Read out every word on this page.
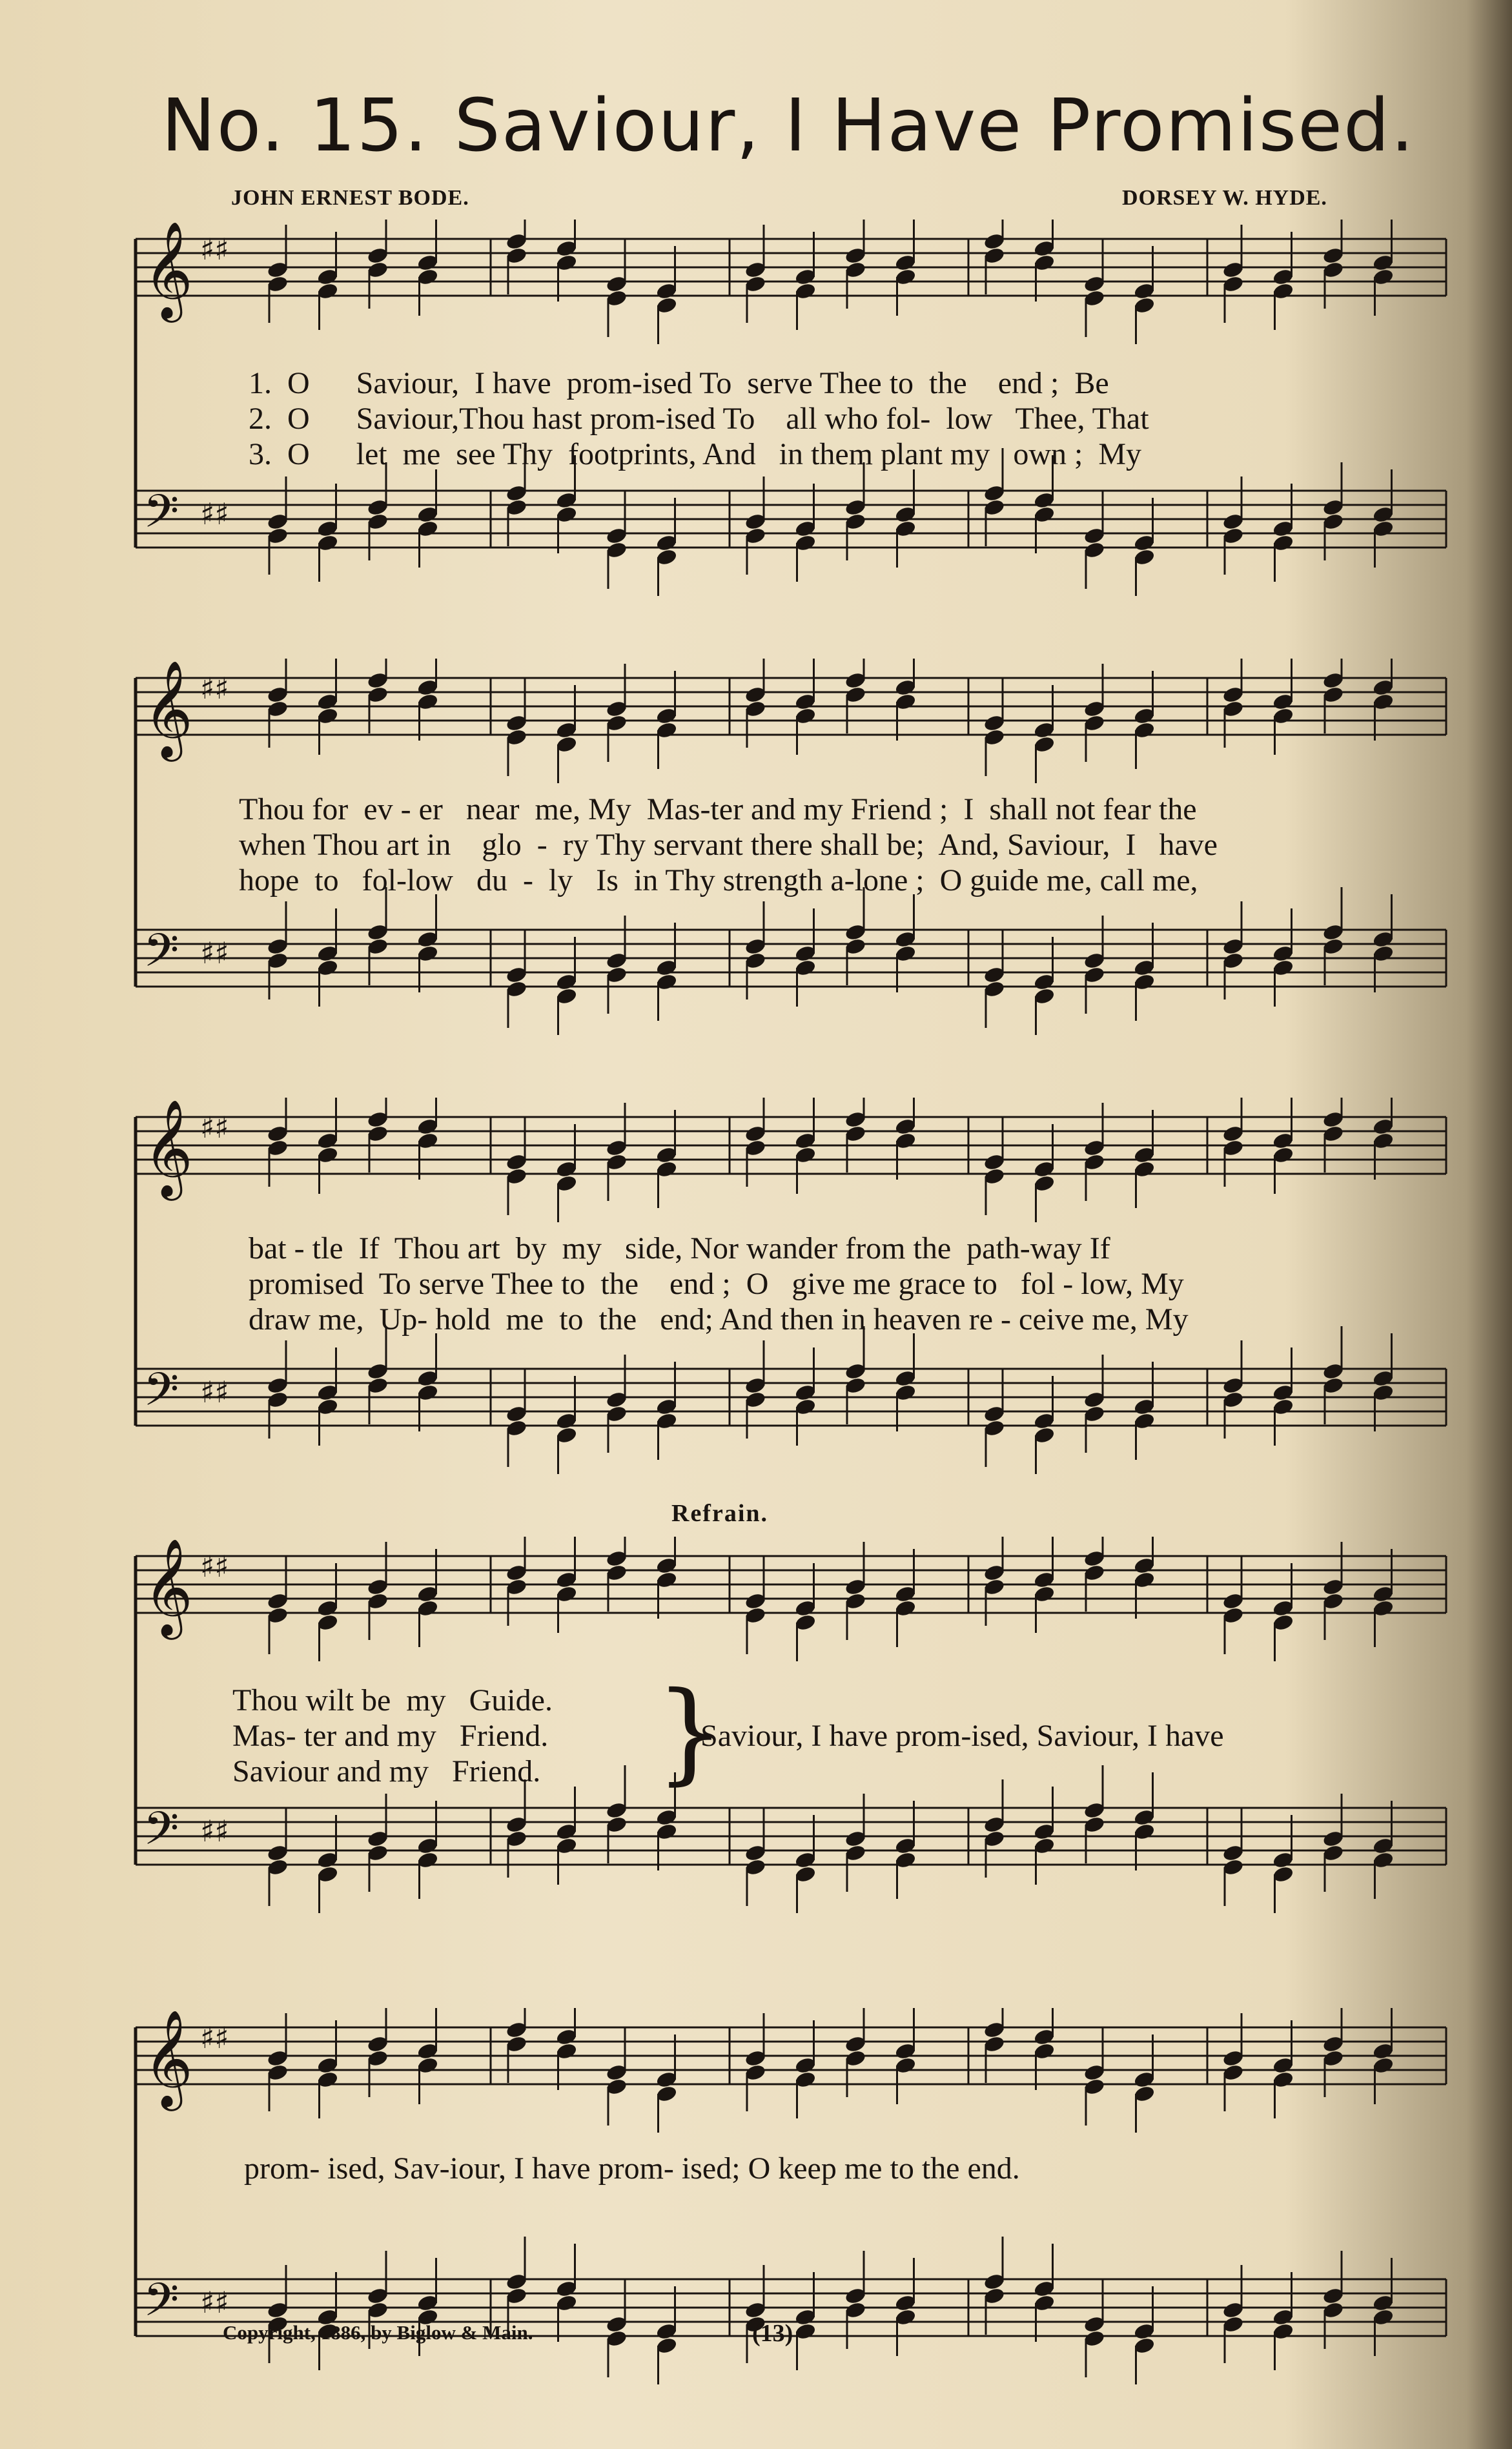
No. 15. Saviour, I Have Promised.
JOHN ERNEST BODE.	DORSEY W. HYDE.
𝄞 ♯♯
𝄢 ♯♯
𝄞 ♯♯
𝄢 ♯♯
𝄞 ♯♯
𝄢 ♯♯
𝄞 ♯♯
𝄢 ♯♯
𝄞 ♯♯
𝄢 ♯♯
1. O      Saviour,  I have  prom-ised To  serve Thee to  the    end ;  Be
2. O      Saviour,Thou hast prom-ised To    all who fol-  low   Thee, That
3. O      let  me  see Thy  footprints, And   in them plant my   own ;  My
Thou for  ev - er   near  me, My  Mas-ter and my Friend ;  I  shall not fear the
when Thou art in    glo  -  ry Thy servant there shall be;  And, Saviour,  I   have
hope  to   fol-low   du  -  ly   Is  in Thy strength a-lone ;  O guide me, call me,
bat - tle  If  Thou art  by  my   side, Nor wander from the  path-way If
promised  To serve Thee to  the    end ;  O   give me grace to   fol - low, My
draw me,  Up- hold  me  to  the   end; And then in heaven re - ceive me, My
Refrain.
Thou wilt be  my   Guide.
Mas- ter and my   Friend.
Saviour and my   Friend. }
Saviour, I have prom-ised, Saviour, I have
prom- ised, Sav-iour, I have prom- ised; O keep me to the end.
Copyright, 1886, by Biglow & Main.	(13)
